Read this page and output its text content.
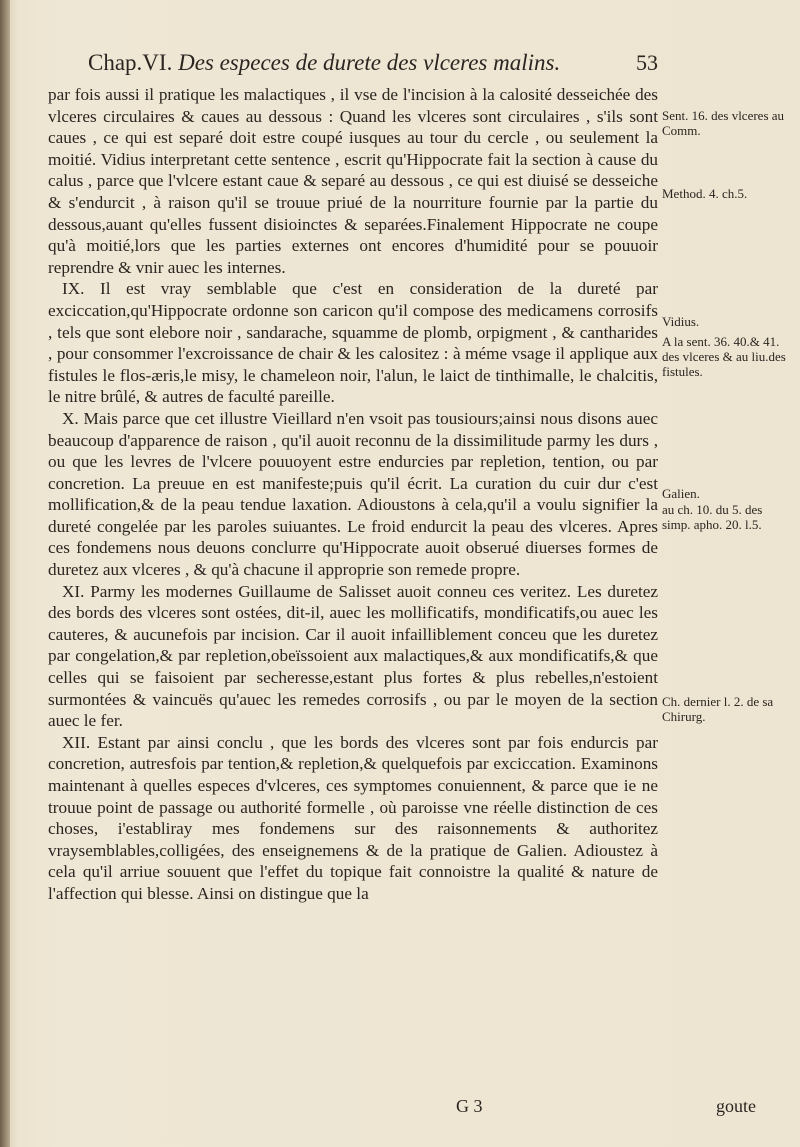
Chap.VI. Des especes de durete des vlceres malins.	53

par fois aussi il pratique les malactiques , il vse de l'incision à la calosité desseichée des vlceres circulaires & caues au dessous : Quand les vlceres sont circulaires , s'ils sont caues , ce qui est separé doit estre coupé iusques au tour du cercle , ou seulement la moitié. Vidius interpretant cette sentence , escrit qu'Hippocrate fait la section à cause du calus , parce que l'vlcere estant caue & separé au dessous , ce qui est diuisé se desseiche & s'endurcit , à raison qu'il se trouue priué de la nourriture fournie par la partie du dessous,auant qu'elles fussent disioinctes & separées.Finalement Hippocrate ne coupe qu'à moitié,lors que les parties externes ont encores d'humidité pour se pouuoir reprendre & vnir auec les internes.

IX. Il est vray semblable que c'est en consideration de la dureté par exciccation,qu'Hippocrate ordonne son caricon qu'il compose des medicamens corrosifs , tels que sont elebore noir , sandarache, squamme de plomb, orpigment , & cantharides , pour consommer l'excroissance de chair & les calositez : à méme vsage il applique aux fistules le flos-æris,le misy, le chameleon noir, l'alun, le laict de tinthimalle, le chalcitis, le nitre brûlé, & autres de faculté pareille.

X. Mais parce que cet illustre Vieillard n'en vsoit pas tousiours;ainsi nous disons auec beaucoup d'apparence de raison , qu'il auoit reconnu de la dissimilitude parmy les durs , ou que les levres de l'vlcere pouuoyent estre endurcies par repletion, tention, ou par concretion. La preuue en est manifeste;puis qu'il écrit. La curation du cuir dur c'est mollification,& de la peau tendue laxation. Adioustons à cela,qu'il a voulu signifier la dureté congelée par les paroles suiuantes. Le froid endurcit la peau des vlceres. Apres ces fondemens nous deuons conclurre qu'Hippocrate auoit obserué diuerses formes de duretez aux vlceres , & qu'à chacune il approprie son remede propre.

XI. Parmy les modernes Guillaume de Salisset auoit conneu ces veritez. Les duretez des bords des vlceres sont ostées, dit-il, auec les mollificatifs, mondificatifs,ou auec les cauteres, & aucunefois par incision. Car il auoit infailliblement conceu que les duretez par congelation,& par repletion,obeïssoient aux malactiques,& aux mondificatifs,& que celles qui se faisoient par secheresse,estant plus fortes & plus rebelles,n'estoient surmontées & vaincuës qu'auec les remedes corrosifs , ou par le moyen de la section auec le fer.

XII. Estant par ainsi conclu , que les bords des vlceres sont par fois endurcis par concretion, autresfois par tention,& repletion,& quelquefois par exciccation. Examinons maintenant à quelles especes d'vlceres, ces symptomes conuiennent, & parce que ie ne trouue point de passage ou authorité formelle , où paroisse vne réelle distinction de ces choses, i'establiray mes fondemens sur des raisonnements & authoritez vraysemblables,colligées, des enseignemens & de la pratique de Galien. Adioustez à cela qu'il arriue souuent que l'effet du topique fait connoistre la qualité & nature de l'affection qui blesse. Ainsi on distingue que la

Sent. 16. des vlceres au Comm.
Method. 4. ch.5.
Vidius.
A la sent. 36. 40.& 41. des vlceres & au liu.des fistules.
Galien.
au ch. 10. du 5. des simp. apho. 20. l.5.
Ch. dernier l. 2. de sa Chirurg.
G 3	goute
